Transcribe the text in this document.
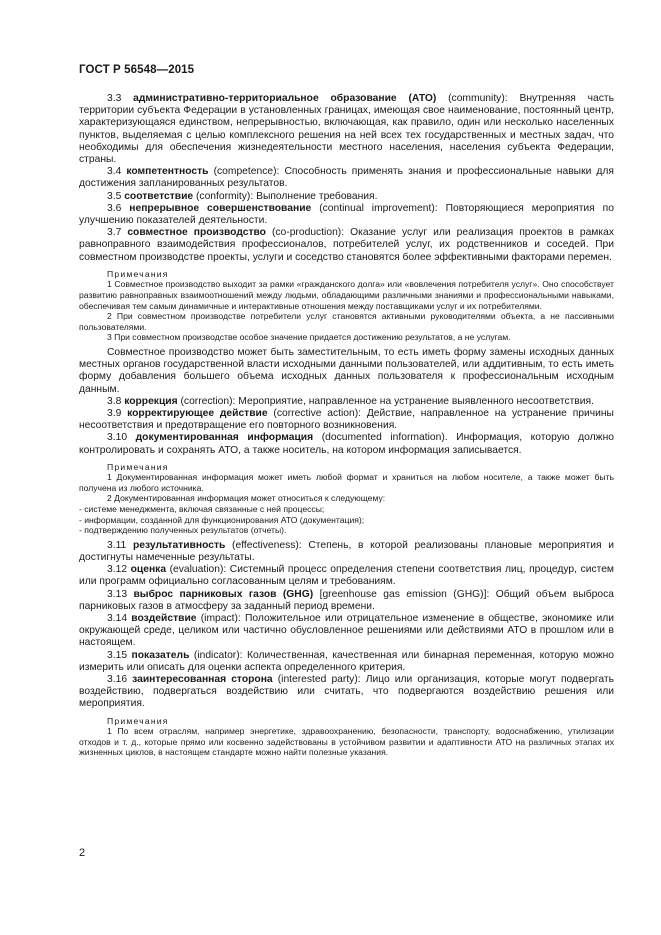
ГОСТ Р 56548—2015

3.3 административно-территориальное образование (АТО) (community): Внутренняя часть территории субъекта Федерации в установленных границах, имеющая свое наименование, постоянный центр, характеризующаяся единством, непрерывностью, включающая, как правило, один или несколько населенных пунктов, выделяемая с целью комплексного решения на ней всех тех государственных и местных задач, что необходимы для обеспечения жизнедеятельности местного населения, населения субъекта Федерации, страны.

3.4 компетентность (competence): Способность применять знания и профессиональные навыки для достижения запланированных результатов.

3.5 соответствие (conformity): Выполнение требования.

3.6 непрерывное совершенствование (continual improvement): Повторяющиеся мероприятия по улучшению показателей деятельности.

3.7 совместное производство (co-production): Оказание услуг или реализация проектов в рамках равноправного взаимодействия профессионалов, потребителей услуг, их родственников и соседей. При совместном производстве проекты, услуги и соседство становятся более эффективными факторами перемен.

Примечания

1 Совместное производство выходит за рамки «гражданского долга» или «вовлечения потребителя услуг». Оно способствует развитию равноправных взаимоотношений между людьми, обладающими различными знаниями и профессиональными навыками, обеспечивая тем самым динамичные и интерактивные отношения между поставщиками услуг и их потребителями.

2 При совместном производстве потребители услуг становятся активными руководителями объекта, а не пассивными пользователями.

3 При совместном производстве особое значение придается достижению результатов, а не услугам.

Совместное производство может быть заместительным, то есть иметь форму замены исходных данных местных органов государственной власти исходными данными пользователей, или аддитивным, то есть иметь форму добавления большего объема исходных данных пользователя к профессиональным исходным данным.

3.8 коррекция (correction): Мероприятие, направленное на устранение выявленного несоответствия.

3.9 корректирующее действие (corrective action): Действие, направленное на устранение причины несоответствия и предотвращение его повторного возникновения.

3.10 документированная информация (documented information). Информация, которую должно контролировать и сохранять АТО, а также носитель, на котором информация записывается.

Примечания

1 Документированная информация может иметь любой формат и храниться на любом носителе, а также может быть получена из любого источника.

2 Документированная информация может относиться к следующему:

- системе менеджмента, включая связанные с ней процессы;

- информации, созданной для функционирования АТО (документация);

- подтверждению полученных результатов (отчеты).

3.11 результативность (effectiveness): Степень, в которой реализованы плановые мероприятия и достигнуты намеченные результаты.

3.12 оценка (evaluation): Системный процесс определения степени соответствия лиц, процедур, систем или программ официально согласованным целям и требованиям.

3.13 выброс парниковых газов (GHG) [greenhouse gas emission (GHG)]: Общий объем выброса парниковых газов в атмосферу за заданный период времени.

3.14 воздействие (impact): Положительное или отрицательное изменение в обществе, экономике или окружающей среде, целиком или частично обусловленное решениями или действиями АТО в прошлом или в настоящем.

3.15 показатель (indicator): Количественная, качественная или бинарная переменная, которую можно измерить или описать для оценки аспекта определенного критерия.

3.16 заинтересованная сторона (interested party): Лицо или организация, которые могут подвергать воздействию, подвергаться воздействию или считать, что подвергаются воздействию решения или мероприятия.

Примечания

1 По всем отраслям, например энергетике, здравоохранению, безопасности, транспорту, водоснабжению, утилизации отходов и т. д., которые прямо или косвенно задействованы в устойчивом развитии и адаптивности АТО на различных этапах их жизненных циклов, в настоящем стандарте можно найти полезные указания.

2
